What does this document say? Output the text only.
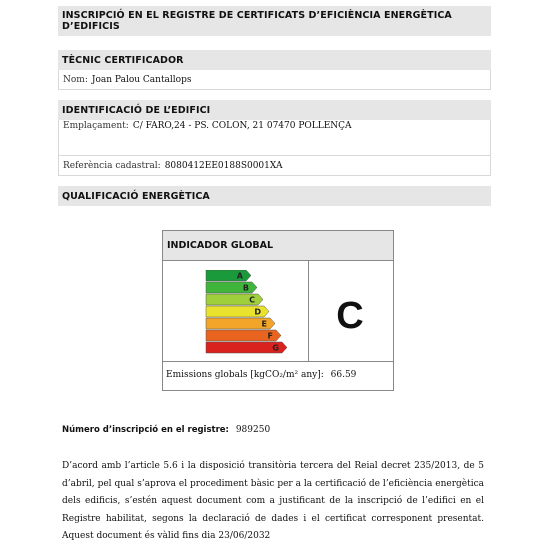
INSCRIPCIÓ EN EL REGISTRE DE CERTIFICATS D’EFICIÈNCIA ENERGÈTICA D’EDIFICIS
TÈCNIC CERTIFICADOR
Nom: Joan Palou Cantallops
IDENTIFICACIÓ DE L’EDIFICI
Emplaçament: C/ FARO,24 - PS. COLON, 21 07470 POLLENÇA
Referència cadastral: 8080412EE0188S0001XA
QUALIFICACIÓ ENERGÈTICA
INDICADOR GLOBAL
A
B
C
D
E
F
G
C
Emissions globals [kgCO₂/m² any]: 66.59
Número d’inscripció en el registre: 989250
D’acord amb l’article 5.6 i la disposició transitòria tercera del Reial decret 235/2013, de 5 d’abril, pel qual s’aprova el procediment bàsic per a la certificació de l’eficiència energètica dels edificis, s’estén aquest document com a justificant de la inscripció de l’edifici en el Registre habilitat, segons la declaració de dades i el certificat corresponent presentat. Aquest document és vàlid fins dia 23/06/2032
